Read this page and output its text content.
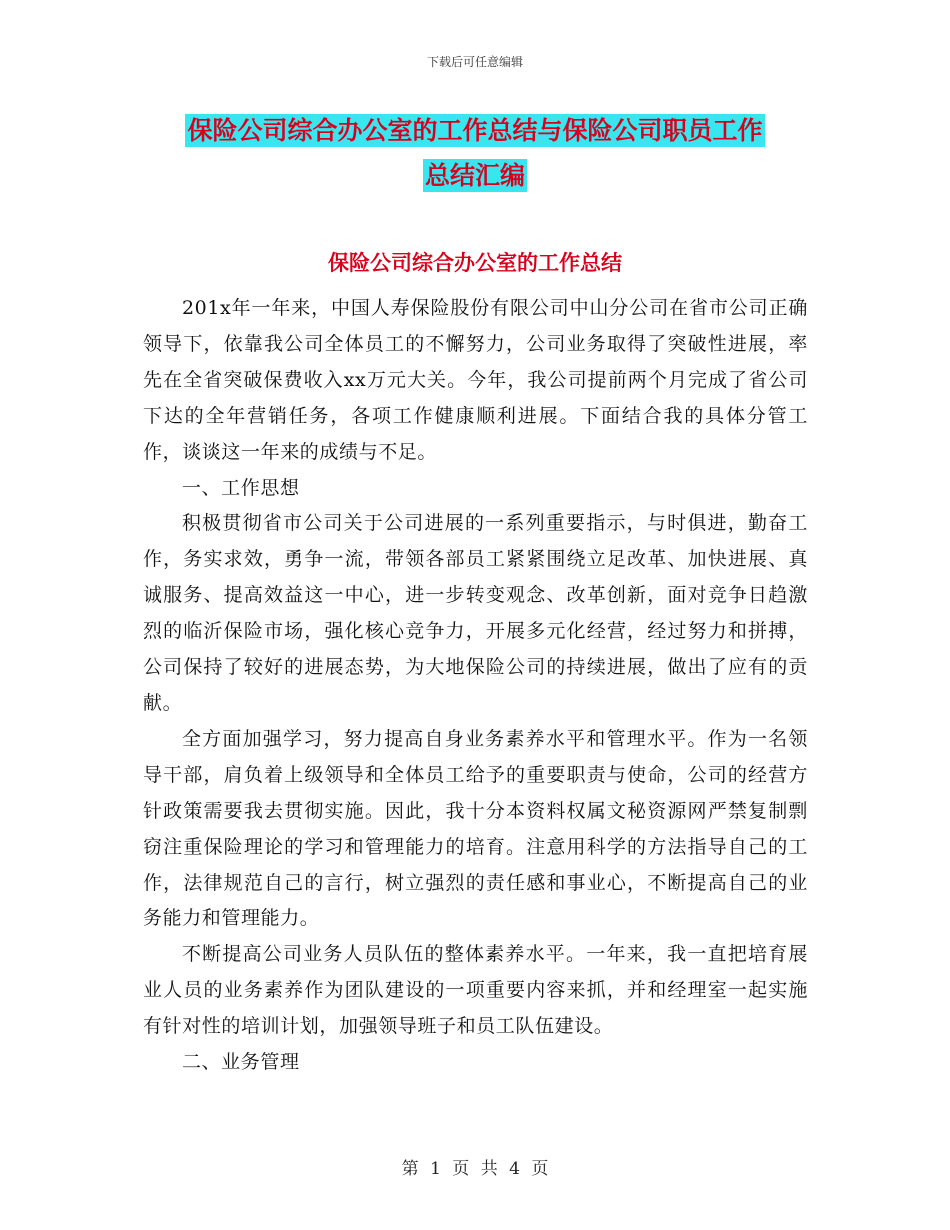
下载后可任意编辑
保险公司综合办公室的工作总结与保险公司职员工作
总结汇编
保险公司综合办公室的工作总结

201x年一年来，中国人寿保险股份有限公司中山分公司在省市公司正确领导下，依靠我公司全体员工的不懈努力，公司业务取得了突破性进展，率先在全省突破保费收入xx万元大关。今年，我公司提前两个月完成了省公司下达的全年营销任务，各项工作健康顺利进展。下面结合我的具体分管工作，谈谈这一年来的成绩与不足。

一、工作思想

积极贯彻省市公司关于公司进展的一系列重要指示，与时俱进，勤奋工作，务实求效，勇争一流，带领各部员工紧紧围绕立足改革、加快进展、真诚服务、提高效益这一中心，进一步转变观念、改革创新，面对竞争日趋激烈的临沂保险市场，强化核心竞争力，开展多元化经营，经过努力和拼搏，公司保持了较好的进展态势，为大地保险公司的持续进展，做出了应有的贡献。

全方面加强学习，努力提高自身业务素养水平和管理水平。作为一名领导干部，肩负着上级领导和全体员工给予的重要职责与使命，公司的经营方针政策需要我去贯彻实施。因此，我十分本资料权属文秘资源网严禁复制剽窃注重保险理论的学习和管理能力的培育。注意用科学的方法指导自己的工作，法律规范自己的言行，树立强烈的责任感和事业心，不断提高自己的业务能力和管理能力。

不断提高公司业务人员队伍的整体素养水平。一年来，我一直把培育展业人员的业务素养作为团队建设的一项重要内容来抓，并和经理室一起实施有针对性的培训计划，加强领导班子和员工队伍建设。

二、业务管理

第 1 页 共 4 页
